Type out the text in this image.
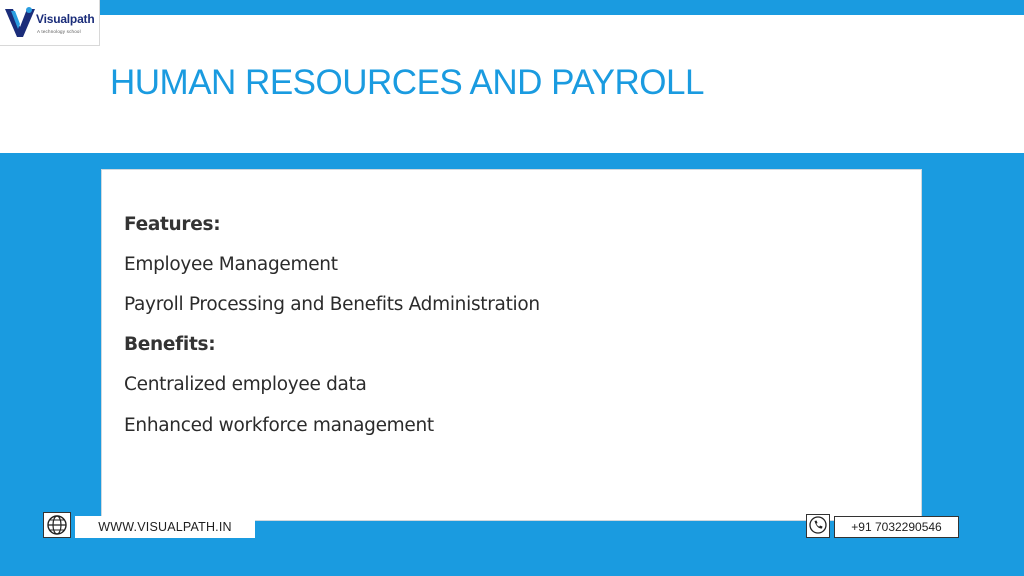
Visualpath
A technology school
HUMAN RESOURCES AND PAYROLL
Features:
Employee Management
Payroll Processing and Benefits Administration
Benefits:
Centralized employee data
Enhanced workforce management
WWW.VISUALPATH.IN	+91 7032290546
